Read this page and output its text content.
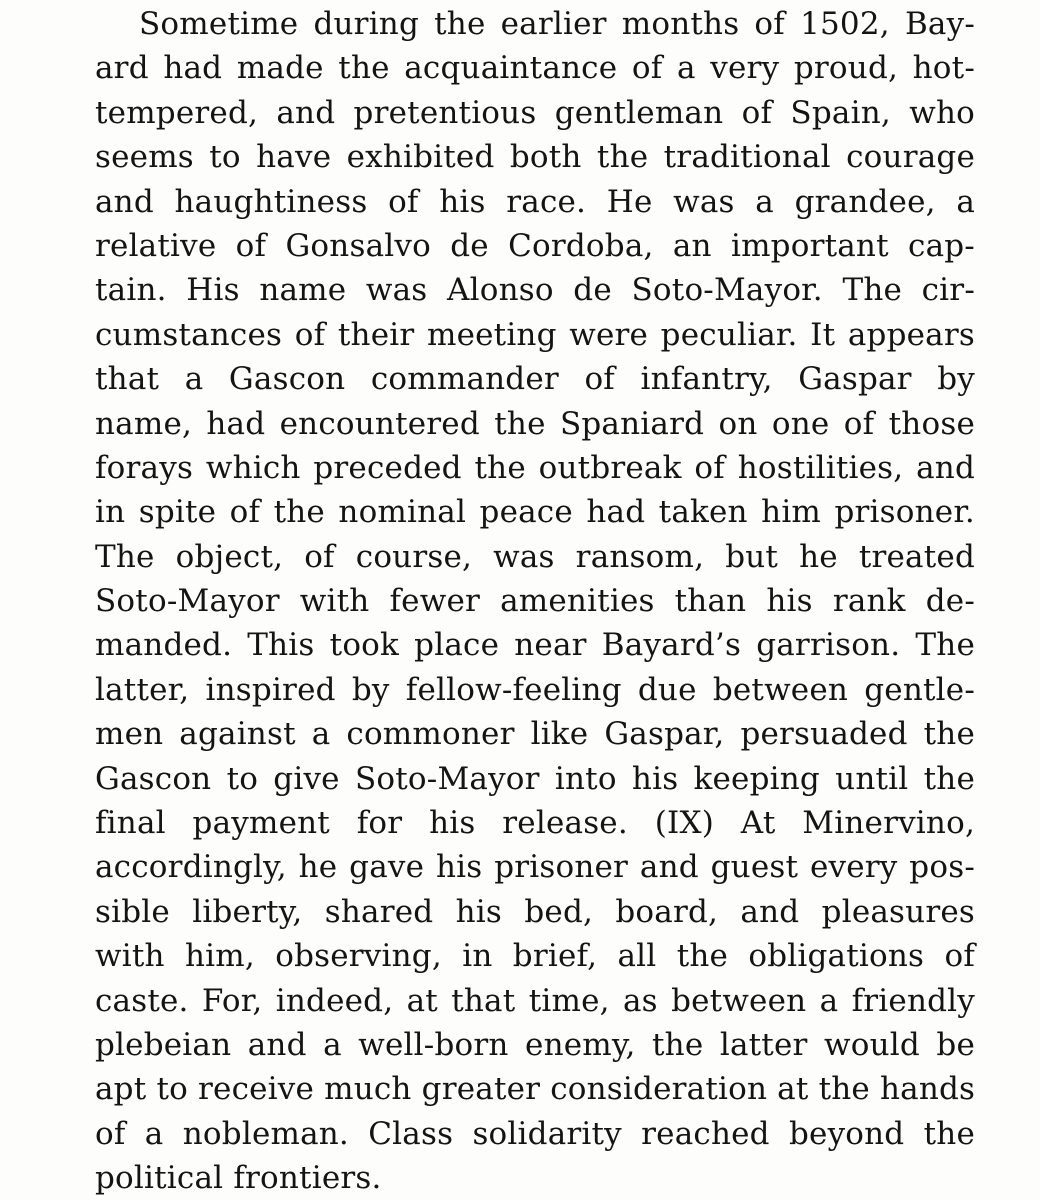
Sometime during the earlier months of 1502, Bay-
ard had made the acquaintance of a very proud, hot-
tempered, and pretentious gentleman of Spain, who
seems to have exhibited both the traditional courage
and haughtiness of his race. He was a grandee, a
relative of Gonsalvo de Cordoba, an important cap-
tain. His name was Alonso de Soto-Mayor. The cir-
cumstances of their meeting were peculiar. It appears
that a Gascon commander of infantry, Gaspar by
name, had encountered the Spaniard on one of those
forays which preceded the outbreak of hostilities, and
in spite of the nominal peace had taken him prisoner.
The object, of course, was ransom, but he treated
Soto-Mayor with fewer amenities than his rank de-
manded. This took place near Bayard’s garrison. The
latter, inspired by fellow-feeling due between gentle-
men against a commoner like Gaspar, persuaded the
Gascon to give Soto-Mayor into his keeping until the
final payment for his release. (IX) At Minervino,
accordingly, he gave his prisoner and guest every pos-
sible liberty, shared his bed, board, and pleasures
with him, observing, in brief, all the obligations of
caste. For, indeed, at that time, as between a friendly
plebeian and a well-born enemy, the latter would be
apt to receive much greater consideration at the hands
of a nobleman. Class solidarity reached beyond the
political frontiers.
